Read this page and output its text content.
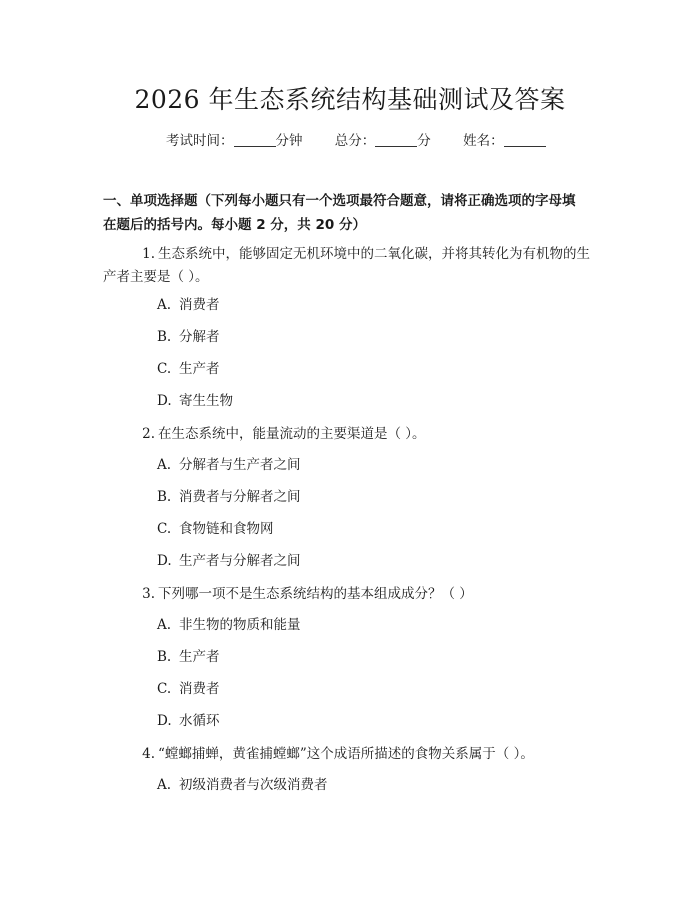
2026 年生态系统结构基础测试及答案
考试时间：	分钟 总分：	分 姓名：
一、单项选择题（下列每小题只有一个选项最符合题意，请将正确选项的字母填
在题后的括号内。每小题 2 分，共 20 分）
1. 生态系统中，能够固定无机环境中的二氧化碳，并将其转化为有机物的生
产者主要是（ ）。
A. 消费者
B. 分解者
C. 生产者
D. 寄生生物
2. 在生态系统中，能量流动的主要渠道是（ ）。
A. 分解者与生产者之间
B. 消费者与分解者之间
C. 食物链和食物网
D. 生产者与分解者之间
3. 下列哪一项不是生态系统结构的基本组成成分？（ ）
A. 非生物的物质和能量
B. 生产者
C. 消费者
D. 水循环
4. “螳螂捕蝉，黄雀捕螳螂”这个成语所描述的食物关系属于（ ）。
A. 初级消费者与次级消费者
